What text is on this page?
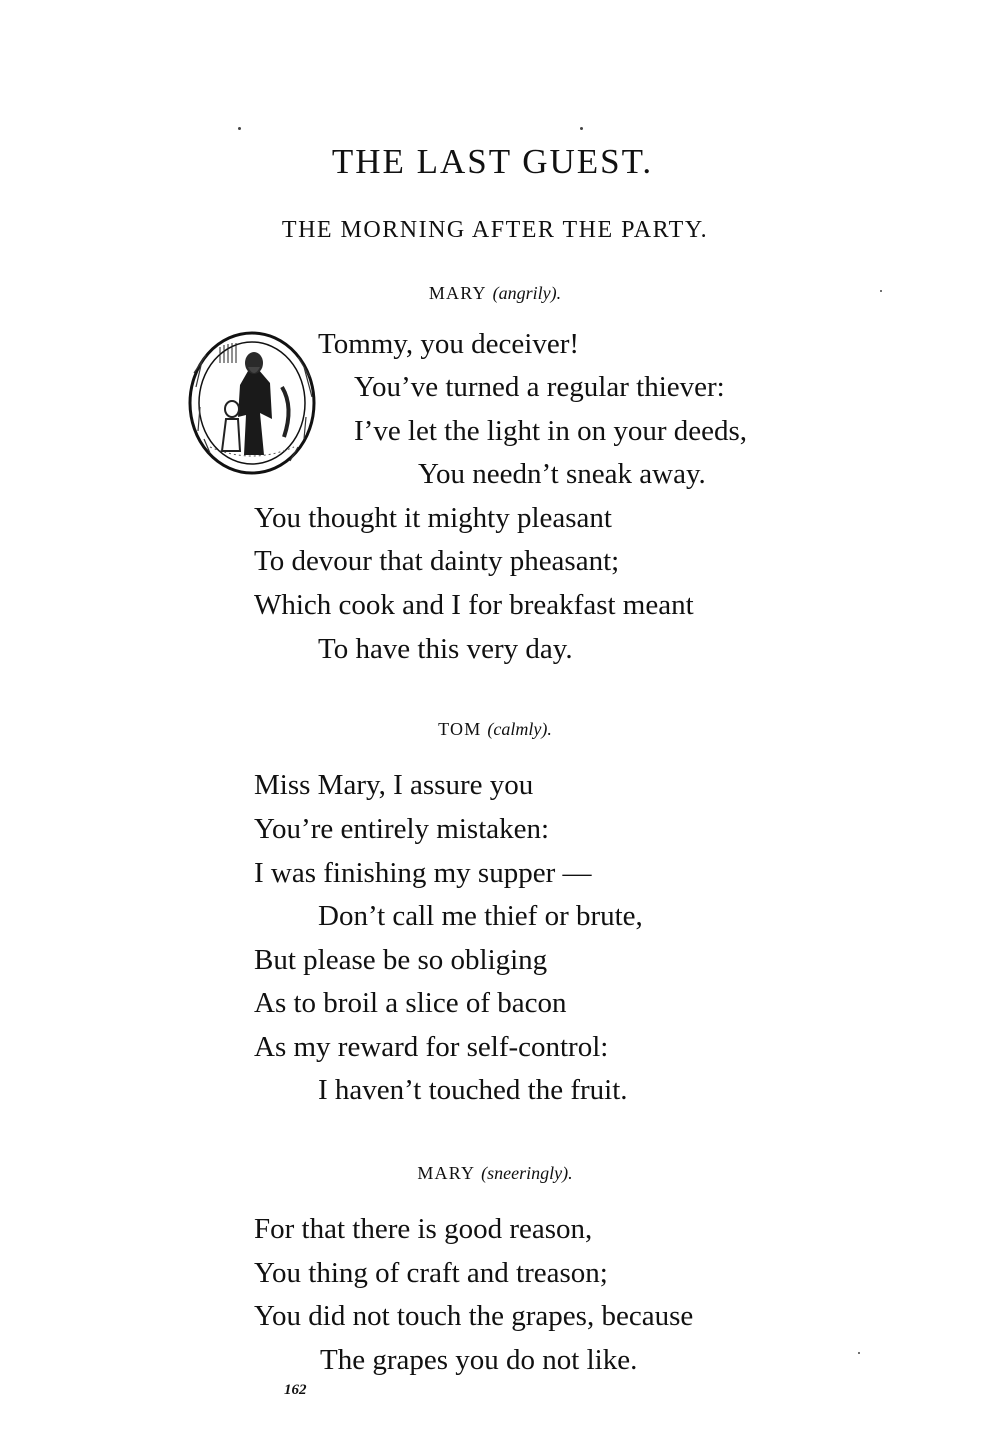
THE LAST GUEST.
THE MORNING AFTER THE PARTY.
MARY (angrily).
Tommy, you deceiver!
You’ve turned a regular thiever:
I’ve let the light in on your deeds,
You needn’t sneak away.
You thought it mighty pleasant
To devour that dainty pheasant;
Which cook and I for breakfast meant
To have this very day.
TOM (calmly).
Miss Mary, I assure you
You’re entirely mistaken:
I was finishing my supper —
Don’t call me thief or brute,
But please be so obliging
As to broil a slice of bacon
As my reward for self-control:
I haven’t touched the fruit.
MARY (sneeringly).
For that there is good reason,
You thing of craft and treason;
You did not touch the grapes, because
The grapes you do not like.
162
